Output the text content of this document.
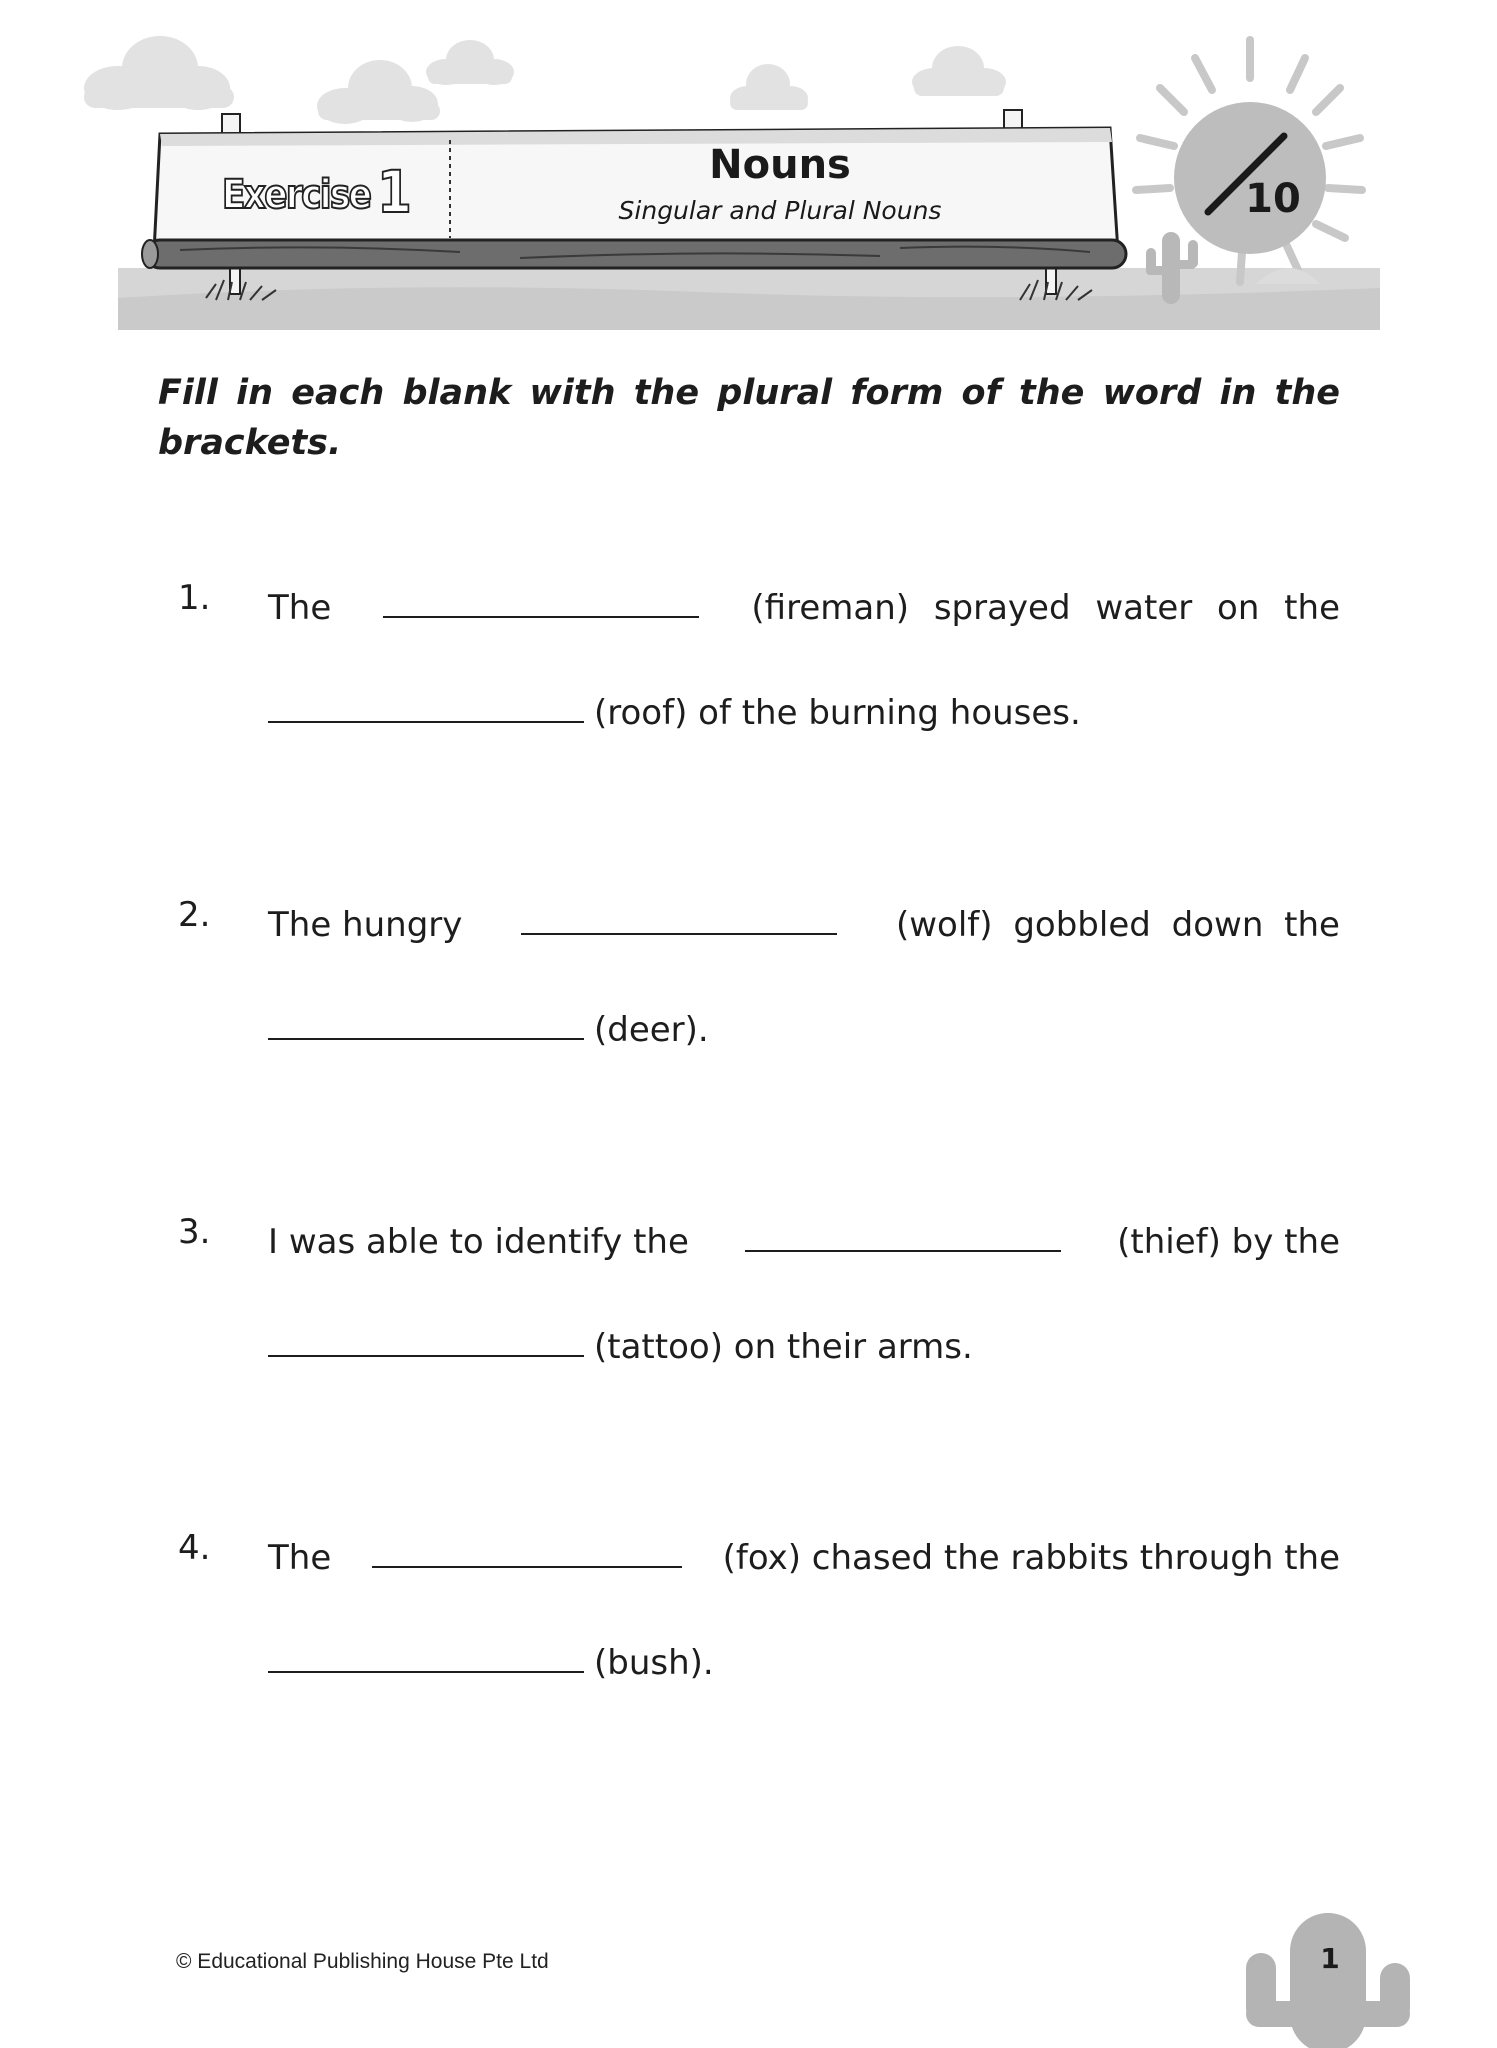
Exercise 1	Nouns
Singular and Plural Nouns	10
Fill in each blank with the plural form of the word in the brackets.
1. The	(fireman) sprayed water on the
(roof) of the burning houses.
2. The hungry	(wolf) gobbled down the
(deer).
3. I was able to identify the	(thief) by the
(tattoo) on their arms.
4. The	(fox) chased the rabbits through the
(bush).
© Educational Publishing House Pte Ltd	1
